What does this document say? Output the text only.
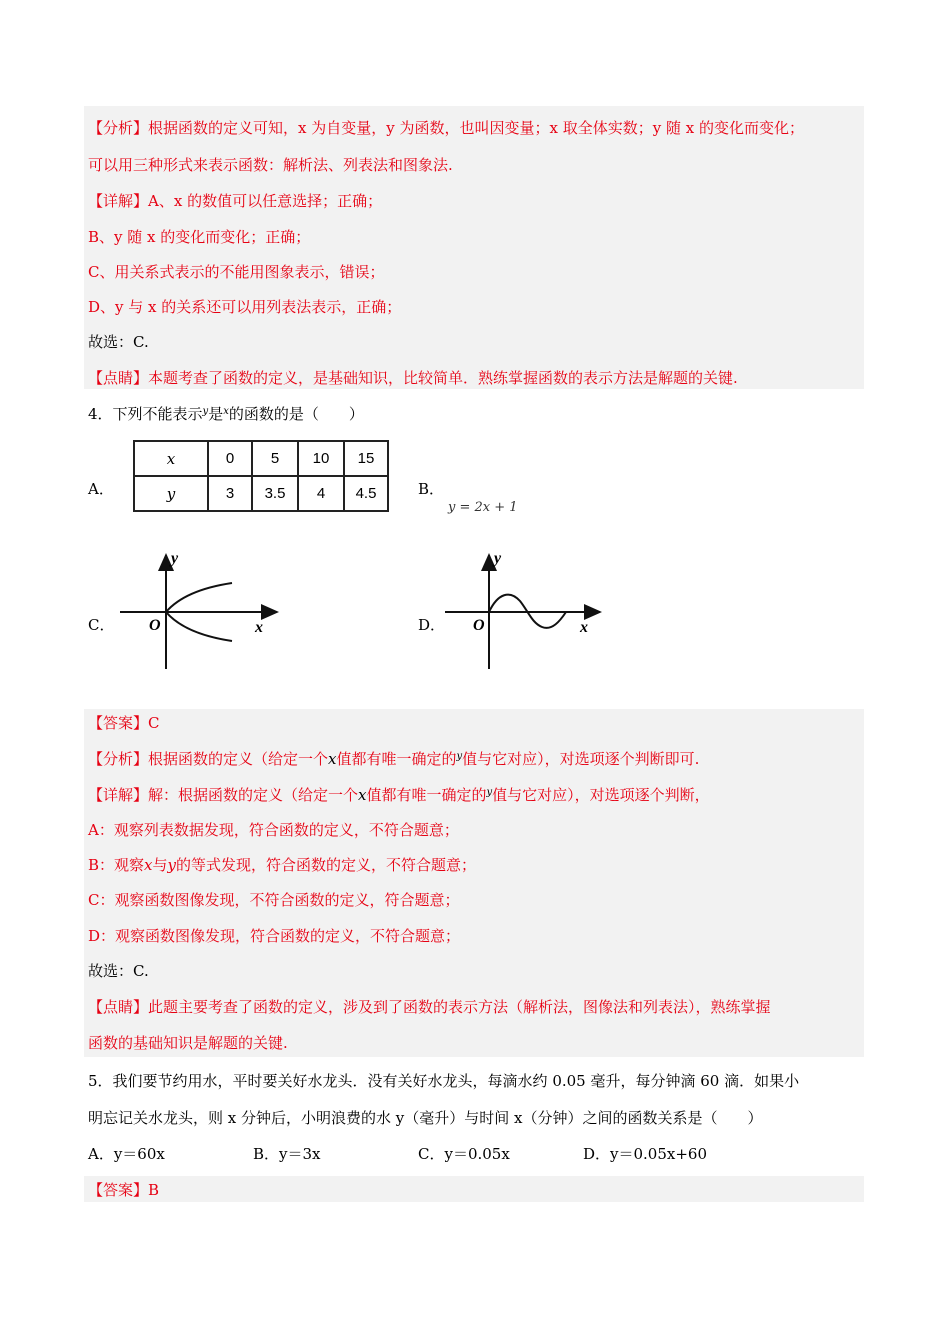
【分析】根据函数的定义可知，x 为自变量，y 为函数，也叫因变量；x 取全体实数；y 随 x 的变化而变化；
可以用三种形式来表示函数：解析法、列表法和图象法.
【详解】A、x 的数值可以任意选择；正确；
B、y 随 x 的变化而变化；正确；
C、用关系式表示的不能用图象表示，错误；
D、y 与 x 的关系还可以用列表法表示，正确；
故选：C.
【点睛】本题考查了函数的定义，是基础知识，比较简单．熟练掌握函数的表示方法是解题的关键.
4．下列不能表示$^y$是$^x$的函数的是（　　）
A．
x	0	5	10	15
y	3	3.5	4	4.5	B．
y = 2x + 1
C．
y
x
O	D．
y
x
O
【答案】C
【分析】根据函数的定义（给定一个x值都有唯一确定的$^y$值与它对应），对选项逐个判断即可.
【详解】解：根据函数的定义（给定一个x值都有唯一确定的$^y$值与它对应），对选项逐个判断，
A：观察列表数据发现，符合函数的定义，不符合题意；
B：观察x与y的等式发现，符合函数的定义，不符合题意；
C：观察函数图像发现，不符合函数的定义，符合题意；
D：观察函数图像发现，符合函数的定义，不符合题意；
故选：C.
【点睛】此题主要考查了函数的定义，涉及到了函数的表示方法（解析法，图像法和列表法），熟练掌握
函数的基础知识是解题的关键.
5．我们要节约用水，平时要关好水龙头．没有关好水龙头，每滴水约 0.05 毫升，每分钟滴 60 滴．如果小
明忘记关水龙头，则 x 分钟后，小明浪费的水 y（毫升）与时间 x（分钟）之间的函数关系是（　　）
A．y＝60x	B．y＝3x	C．y＝0.05x	D．y＝0.05x+60
【答案】B
